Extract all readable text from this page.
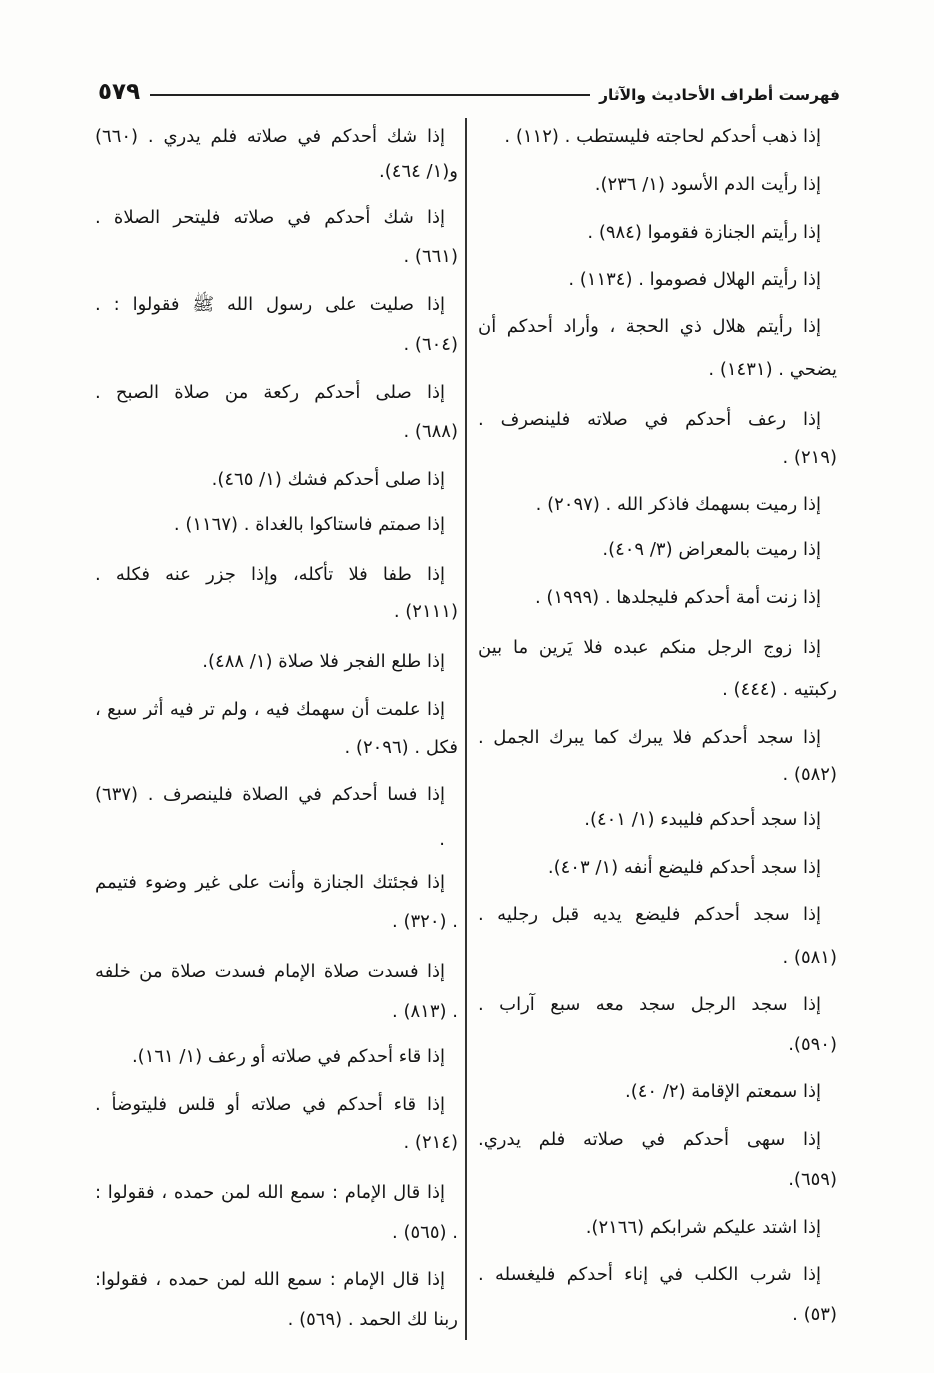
٥٧٩	فهرست أطراف الأحاديث والآثار
إذا ذهب أحدكم لحاجته فليستطب . (١١٢) .
إذا رأيت الدم الأسود (١/ ٢٣٦).
إذا رأيتم الجنازة فقوموا (٩٨٤) .
إذا رأيتم الهلال فصوموا . (١١٣٤) .
إذا رأيتم هلال ذي الحجة ، وأراد أحدكم أن
يضحي . (١٤٣١) .
إذا رعف أحدكم في صلاته فلينصرف .
(٢١٩) .
إذا رميت بسهمك فاذكر الله . (٢٠٩٧) .
إذا رميت بالمعراض (٣/ ٤٠٩).
إذا زنت أمة أحدكم فليجلدها . (١٩٩٩) .
إذا زوج الرجل منكم عبده فلا يَرين ما بين
ركبتيه . (٤٤٤) .
إذا سجد أحدكم فلا يبرك كما يبرك الجمل .
(٥٨٢) .
إذا سجد أحدكم فليبدء (١/ ٤٠١).
إذا سجد أحدكم فليضع أنفه (١/ ٤٠٣).
إذا سجد أحدكم فليضع يديه قبل رجليه .
(٥٨١) .
إذا سجد الرجل سجد معه سبع آراب .
(٥٩٠).
إذا سمعتم الإقامة (٢/ ٤٠).
إذا سهى أحدكم في صلاته فلم يدري.
(٦٥٩).
إذا اشتد عليكم شرابكم (٢١٦٦).
إذا شرب الكلب في إناء أحدكم فليغسله .
(٥٣) .
إذا شك أحدكم في صلاته فلم يدري . (٦٦٠)
و(١/ ٤٦٤).
إذا شك أحدكم في صلاته فليتحر الصلاة .
(٦٦١) .
إذا صليت على رسول الله ﷺ فقولوا : .
(٦٠٤) .
إذا صلى أحدكم ركعة من صلاة الصبح .
(٦٨٨) .
إذا صلى أحدكم فشك (١/ ٤٦٥).
إذا صمتم فاستاكوا بالغداة . (١١٦٧) .
إذا طفا فلا تأكله، وإذا جزر عنه فكله .
(٢١١١) .
إذا طلع الفجر فلا صلاة (١/ ٤٨٨).
إذا علمت أن سهمك فيه ، ولم تر فيه أثر سبع ،
فكل . (٢٠٩٦) .
إذا فسا أحدكم في الصلاة فلينصرف . (٦٣٧)
.
إذا فجئتك الجنازة وأنت على غير وضوء فتيمم
. (٣٢٠) .
إذا فسدت صلاة الإمام فسدت صلاة من خلفه
. (٨١٣) .
إذا قاء أحدكم في صلاته أو رعف (١/ ١٦١).
إذا قاء أحدكم في صلاته أو قلس فليتوضأ .
(٢١٤) .
إذا قال الإمام : سمع الله لمن حمده ، فقولوا :
. (٥٦٥) .
إذا قال الإمام : سمع الله لمن حمده ، فقولوا:
ربنا لك الحمد . (٥٦٩) .
